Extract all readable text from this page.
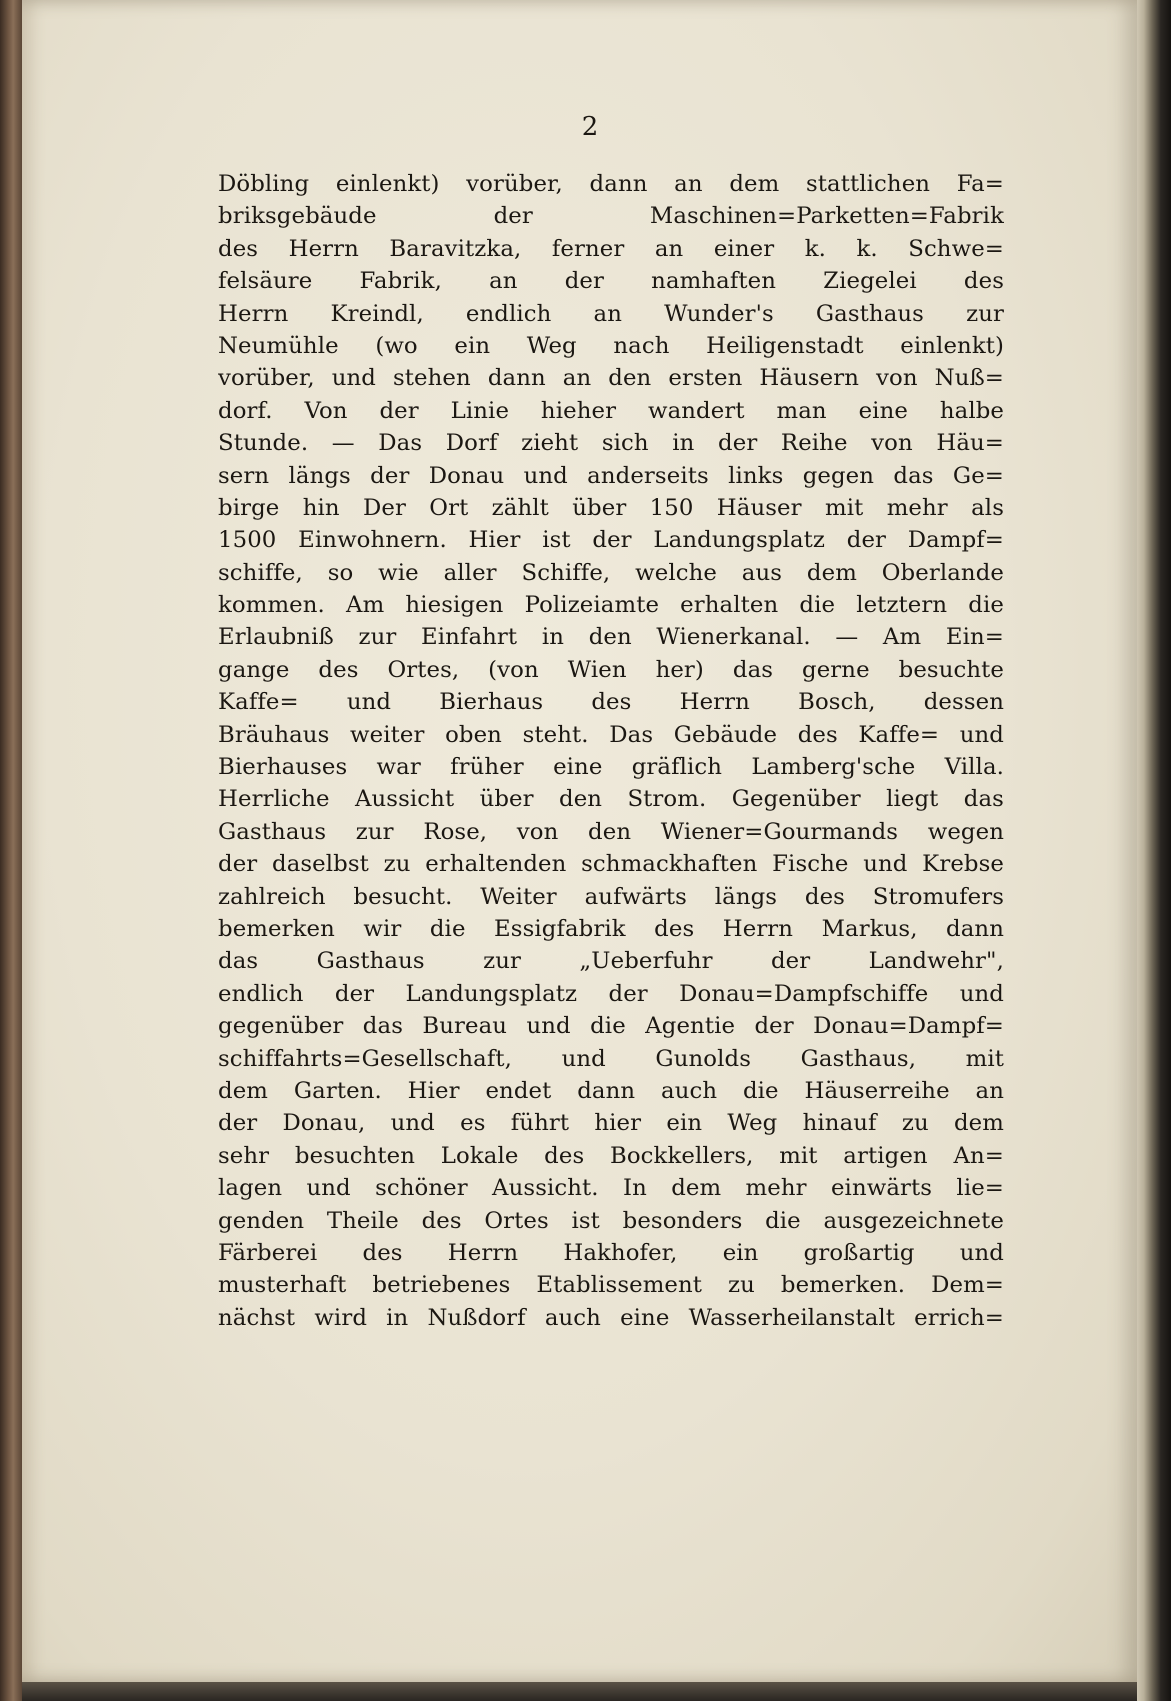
2
Döbling einlenkt) vorüber, dann an dem stattlichen Fa=
briksgebäude der Maschinen=Parketten=Fabrik
des Herrn Baravitzka, ferner an einer k. k. Schwe=
felsäure Fabrik, an der namhaften Ziegelei des
Herrn Kreindl, endlich an Wunder's Gasthaus zur
Neumühle (wo ein Weg nach Heiligenstadt einlenkt)
vorüber, und stehen dann an den ersten Häusern von Nuß=
dorf. Von der Linie hieher wandert man eine halbe
Stunde. — Das Dorf zieht sich in der Reihe von Häu=
sern längs der Donau und anderseits links gegen das Ge=
birge hin Der Ort zählt über 150 Häuser mit mehr als
1500 Einwohnern. Hier ist der Landungsplatz der Dampf=
schiffe, so wie aller Schiffe, welche aus dem Oberlande
kommen. Am hiesigen Polizeiamte erhalten die letztern die
Erlaubniß zur Einfahrt in den Wienerkanal. — Am Ein=
gange des Ortes, (von Wien her) das gerne besuchte
Kaffe= und Bierhaus des Herrn Bosch, dessen
Bräuhaus weiter oben steht. Das Gebäude des Kaffe= und
Bierhauses war früher eine gräflich Lamberg'sche Villa.
Herrliche Aussicht über den Strom. Gegenüber liegt das
Gasthaus zur Rose, von den Wiener=Gourmands wegen
der daselbst zu erhaltenden schmackhaften Fische und Krebse
zahlreich besucht. Weiter aufwärts längs des Stromufers
bemerken wir die Essigfabrik des Herrn Markus, dann
das Gasthaus zur „Ueberfuhr der Landwehr",
endlich der Landungsplatz der Donau=Dampfschiffe und
gegenüber das Bureau und die Agentie der Donau=Dampf=
schiffahrts=Gesellschaft, und Gunolds Gasthaus, mit
dem Garten. Hier endet dann auch die Häuserreihe an
der Donau, und es führt hier ein Weg hinauf zu dem
sehr besuchten Lokale des Bockkellers, mit artigen An=
lagen und schöner Aussicht. In dem mehr einwärts lie=
genden Theile des Ortes ist besonders die ausgezeichnete
Färberei des Herrn Hakhofer, ein großartig und
musterhaft betriebenes Etablissement zu bemerken. Dem=
nächst wird in Nußdorf auch eine Wasserheilanstalt errich=
